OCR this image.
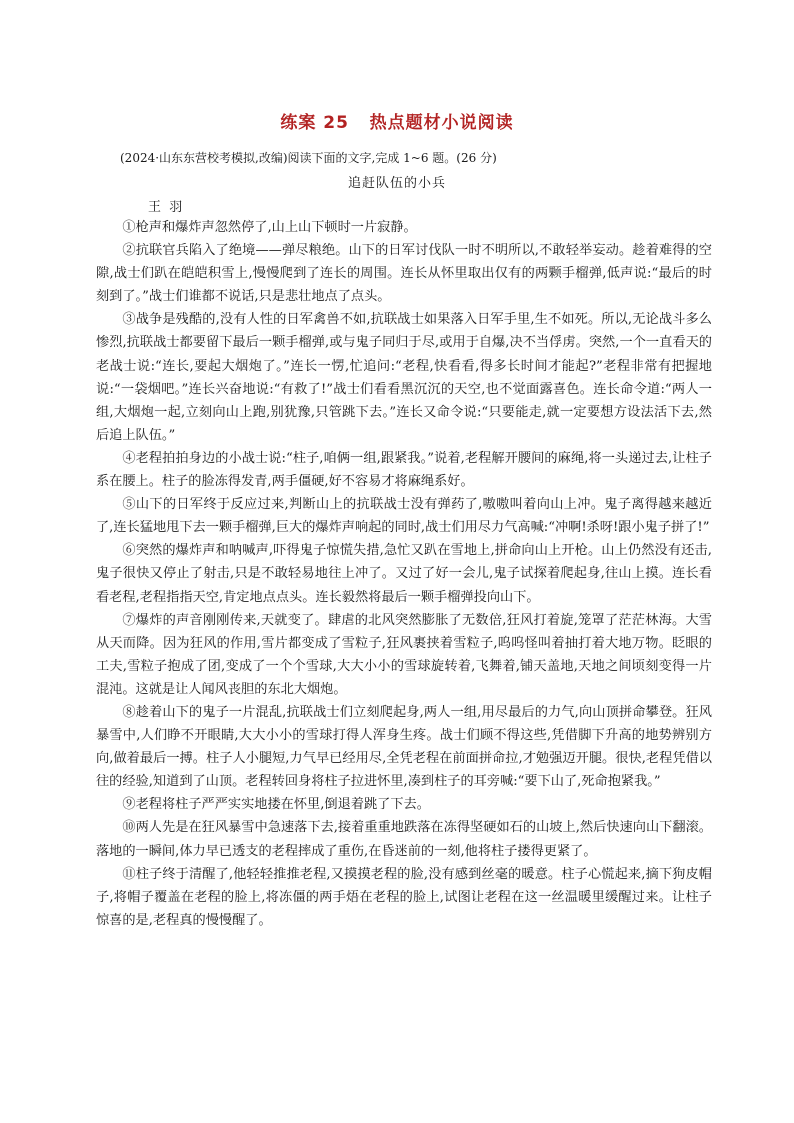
练案 25   热点题材小说阅读
(2024·山东东营校考模拟,改编)阅读下面的文字,完成 1~6 题。(26 分)
追赶队伍的小兵
王  羽

①枪声和爆炸声忽然停了,山上山下顿时一片寂静。

②抗联官兵陷入了绝境——弹尽粮绝。山下的日军讨伐队一时不明所以,不敢轻举妄动。趁着难得的空隙,战士们趴在皑皑积雪上,慢慢爬到了连长的周围。连长从怀里取出仅有的两颗手榴弹,低声说:“最后的时刻到了。”战士们谁都不说话,只是悲壮地点了点头。

③战争是残酷的,没有人性的日军禽兽不如,抗联战士如果落入日军手里,生不如死。所以,无论战斗多么惨烈,抗联战士都要留下最后一颗手榴弹,或与鬼子同归于尽,或用于自爆,决不当俘虏。突然,一个一直看天的老战士说:“连长,要起大烟炮了。”连长一愣,忙追问:“老程,快看看,得多长时间才能起?”老程非常有把握地说:“一袋烟吧。”连长兴奋地说:“有救了!”战士们看看黑沉沉的天空,也不觉面露喜色。连长命令道:“两人一组,大烟炮一起,立刻向山上跑,别犹豫,只管跳下去。”连长又命令说:“只要能走,就一定要想方设法活下去,然后追上队伍。”

④老程拍拍身边的小战士说:“柱子,咱俩一组,跟紧我。”说着,老程解开腰间的麻绳,将一头递过去,让柱子系在腰上。柱子的脸冻得发青,两手僵硬,好不容易才将麻绳系好。

⑤山下的日军终于反应过来,判断山上的抗联战士没有弹药了,嗷嗷叫着向山上冲。鬼子离得越来越近了,连长猛地甩下去一颗手榴弹,巨大的爆炸声响起的同时,战士们用尽力气高喊:“冲啊!杀呀!跟小鬼子拼了!”

⑥突然的爆炸声和呐喊声,吓得鬼子惊慌失措,急忙又趴在雪地上,拼命向山上开枪。山上仍然没有还击,鬼子很快又停止了射击,只是不敢轻易地往上冲了。又过了好一会儿,鬼子试探着爬起身,往山上摸。连长看看老程,老程指指天空,肯定地点点头。连长毅然将最后一颗手榴弹投向山下。

⑦爆炸的声音刚刚传来,天就变了。肆虐的北风突然膨胀了无数倍,狂风打着旋,笼罩了茫茫林海。大雪从天而降。因为狂风的作用,雪片都变成了雪粒子,狂风裹挟着雪粒子,呜呜怪叫着抽打着大地万物。眨眼的工夫,雪粒子抱成了团,变成了一个个雪球,大大小小的雪球旋转着,飞舞着,铺天盖地,天地之间顷刻变得一片混沌。这就是让人闻风丧胆的东北大烟炮。

⑧趁着山下的鬼子一片混乱,抗联战士们立刻爬起身,两人一组,用尽最后的力气,向山顶拼命攀登。狂风暴雪中,人们睁不开眼睛,大大小小的雪球打得人浑身生疼。战士们顾不得这些,凭借脚下升高的地势辨别方向,做着最后一搏。柱子人小腿短,力气早已经用尽,全凭老程在前面拼命拉,才勉强迈开腿。很快,老程凭借以往的经验,知道到了山顶。老程转回身将柱子拉进怀里,凑到柱子的耳旁喊:“要下山了,死命抱紧我。”

⑨老程将柱子严严实实地搂在怀里,倒退着跳了下去。

⑩两人先是在狂风暴雪中急速落下去,接着重重地跌落在冻得坚硬如石的山坡上,然后快速向山下翻滚。落地的一瞬间,体力早已透支的老程摔成了重伤,在昏迷前的一刻,他将柱子搂得更紧了。

⑪柱子终于清醒了,他轻轻推推老程,又摸摸老程的脸,没有感到丝毫的暖意。柱子心慌起来,摘下狗皮帽子,将帽子覆盖在老程的脸上,将冻僵的两手焐在老程的脸上,试图让老程在这一丝温暖里缓醒过来。让柱子惊喜的是,老程真的慢慢醒了。
